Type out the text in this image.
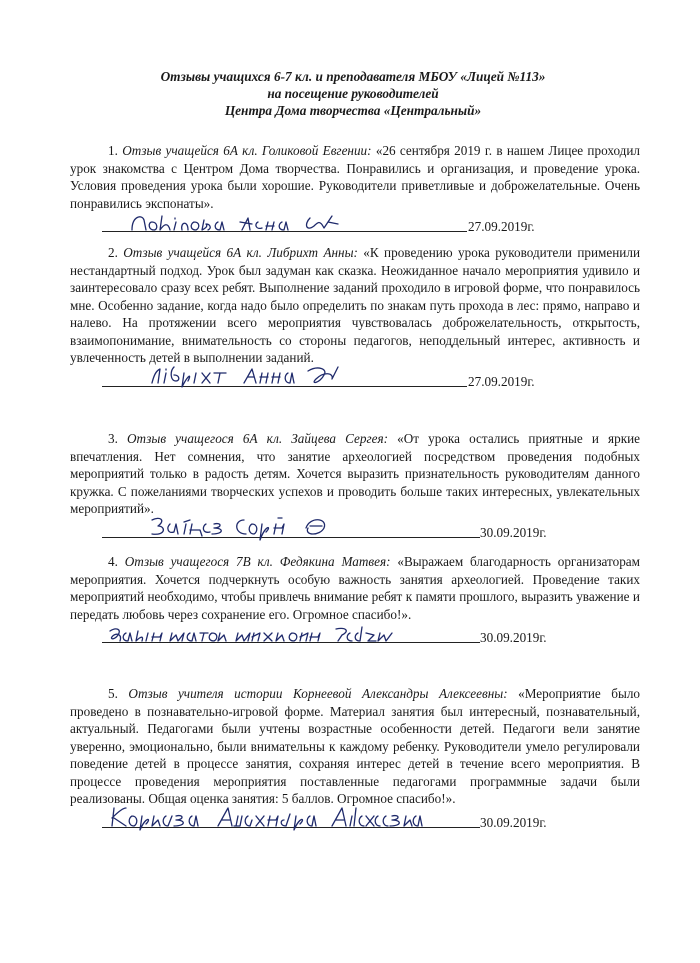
Отзывы учащихся 6-7 кл. и преподавателя МБОУ «Лицей №113»
на посещение руководителей
Центра Дома творчества «Центральный»

1. Отзыв учащейся 6А кл. Голиковой Евгении: «26 сентября 2019 г. в нашем Лицее проходил урок знакомства с Центром Дома творчества. Понравились и организация, и проведение урока. Условия проведения урока были хорошие. Руководители приветливые и доброжелательные. Очень понравились экспонаты».

27.09.2019г.

2. Отзыв учащейся 6А кл. Либрихт Анны: «К проведению урока руководители применили нестандартный подход. Урок был задуман как сказка. Неожиданное начало мероприятия удивило и заинтересовало сразу всех ребят. Выполнение заданий проходило в игровой форме, что понравилось мне. Особенно задание, когда надо было определить по знакам путь прохода в лес: прямо, направо и налево. На протяжении всего мероприятия чувствовалась доброжелательность, открытость, взаимопонимание, внимательность со стороны педагогов, неподдельный интерес, активность и увлеченность детей в выполнении заданий.

27.09.2019г.

3. Отзыв учащегося 6А кл. Зайцева Сергея: «От урока остались приятные и яркие впечатления. Нет сомнения, что занятие археологией посредством проведения подобных мероприятий только в радость детям. Хочется выразить признательность руководителям данного кружка. С пожеланиями творческих успехов и проводить больше таких интересных, увлекательных мероприятий».

30.09.2019г.

4. Отзыв учащегося 7В кл. Федякина Матвея: «Выражаем благодарность организаторам мероприятия. Хочется подчеркнуть особую важность занятия археологией. Проведение таких мероприятий необходимо, чтобы привлечь внимание ребят к памяти прошлого, выразить уважение и передать любовь через сохранение его. Огромное спасибо!».

30.09.2019г.

5. Отзыв учителя истории Корнеевой Александры Алексеевны: «Мероприятие было проведено в познавательно-игровой форме. Материал занятия был интересный, познавательный, актуальный. Педагогами были учтены возрастные особенности детей. Педагоги вели занятие уверенно, эмоционально, были внимательны к каждому ребенку. Руководители умело регулировали поведение детей в процессе занятия, сохраняя интерес детей в течение всего мероприятия. В процессе проведения мероприятия поставленные педагогами программные задачи были реализованы. Общая оценка занятия: 5 баллов. Огромное спасибо!».

30.09.2019г.
